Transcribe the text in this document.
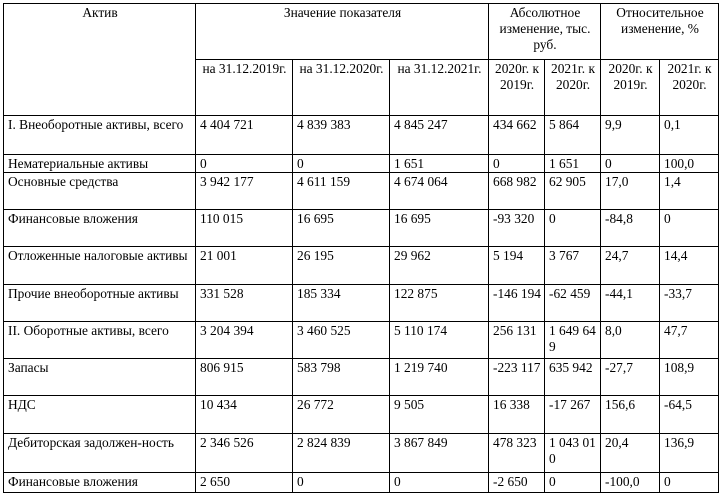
Актив	Значение показателя			Абсолютное изменение, тыс. руб.		Относительное изменение, %	
	на 31.12.2019г.	на 31.12.2020г.	на 31.12.2021г.	2020г. к 2019г.	2021г. к 2020г.	2020г. к 2019г.	2021г. к 2020г.
I. Внеоборотные активы, всего	4 404 721	4 839 383	4 845 247	434 662	5 864	9,9	0,1
Нематериальные активы	0	0	1 651	0	1 651	0	100,0
Основные средства	3 942 177	4 611 159	4 674 064	668 982	62 905	17,0	1,4
Финансовые вложения	110 015	16 695	16 695	-93 320	0	-84,8	0
Отложенные налоговые активы	21 001	26 195	29 962	5 194	3 767	24,7	14,4
Прочие внеоборотные активы	331 528	185 334	122 875	-146 194	-62 459	-44,1	-33,7
II. Оборотные активы, всего	3 204 394	3 460 525	5 110 174	256 131	1 649 649	8,0	47,7
Запасы	806 915	583 798	1 219 740	-223 117	635 942	-27,7	108,9
НДС	10 434	26 772	9 505	16 338	-17 267	156,6	-64,5
Дебиторская задолжен-ность	2 346 526	2 824 839	3 867 849	478 323	1 043 010	20,4	136,9
Финансовые вложения	2 650	0	0	-2 650	0	-100,0	0
